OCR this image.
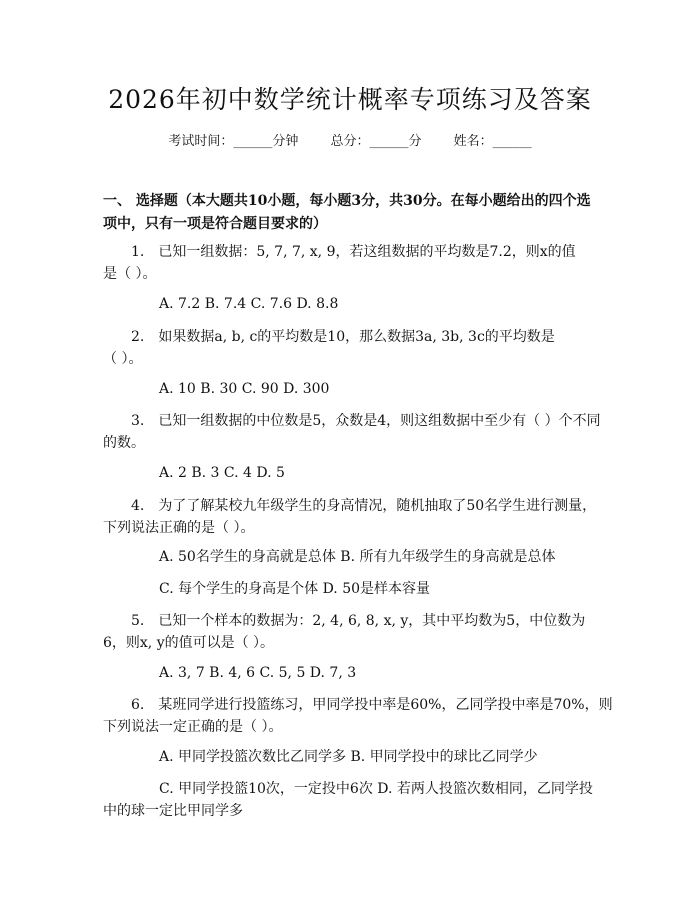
2026年初中数学统计概率专项练习及答案
考试时间：______分钟 总分：______分 姓名：______
一、 选择题（本大题共10小题，每小题3分，共30分。在每小题给出的四个选项中，只有一项是符合题目要求的）
1.　已知一组数据：5, 7, 7, x, 9，若这组数据的平均数是7.2，则x的值
是（ ）。
A. 7.2 B. 7.4 C. 7.6 D. 8.8
2.　如果数据a, b, c的平均数是10，那么数据3a, 3b, 3c的平均数是
（ ）。
A. 10 B. 30 C. 90 D. 300
3.　已知一组数据的中位数是5，众数是4，则这组数据中至少有（ ）个不同
的数。
A. 2 B. 3 C. 4 D. 5
4.　为了了解某校九年级学生的身高情况，随机抽取了50名学生进行测量，
下列说法正确的是（ ）。
A. 50名学生的身高就是总体 B. 所有九年级学生的身高就是总体
C. 每个学生的身高是个体 D. 50是样本容量
5.　已知一个样本的数据为：2, 4, 6, 8, x, y，其中平均数为5，中位数为
6，则x, y的值可以是（ ）。
A. 3, 7 B. 4, 6 C. 5, 5 D. 7, 3
6.　某班同学进行投篮练习，甲同学投中率是60%，乙同学投中率是70%，则
下列说法一定正确的是（ ）。
A. 甲同学投篮次数比乙同学多 B. 甲同学投中的球比乙同学少
C. 甲同学投篮10次，一定投中6次 D. 若两人投篮次数相同，乙同学投
中的球一定比甲同学多
